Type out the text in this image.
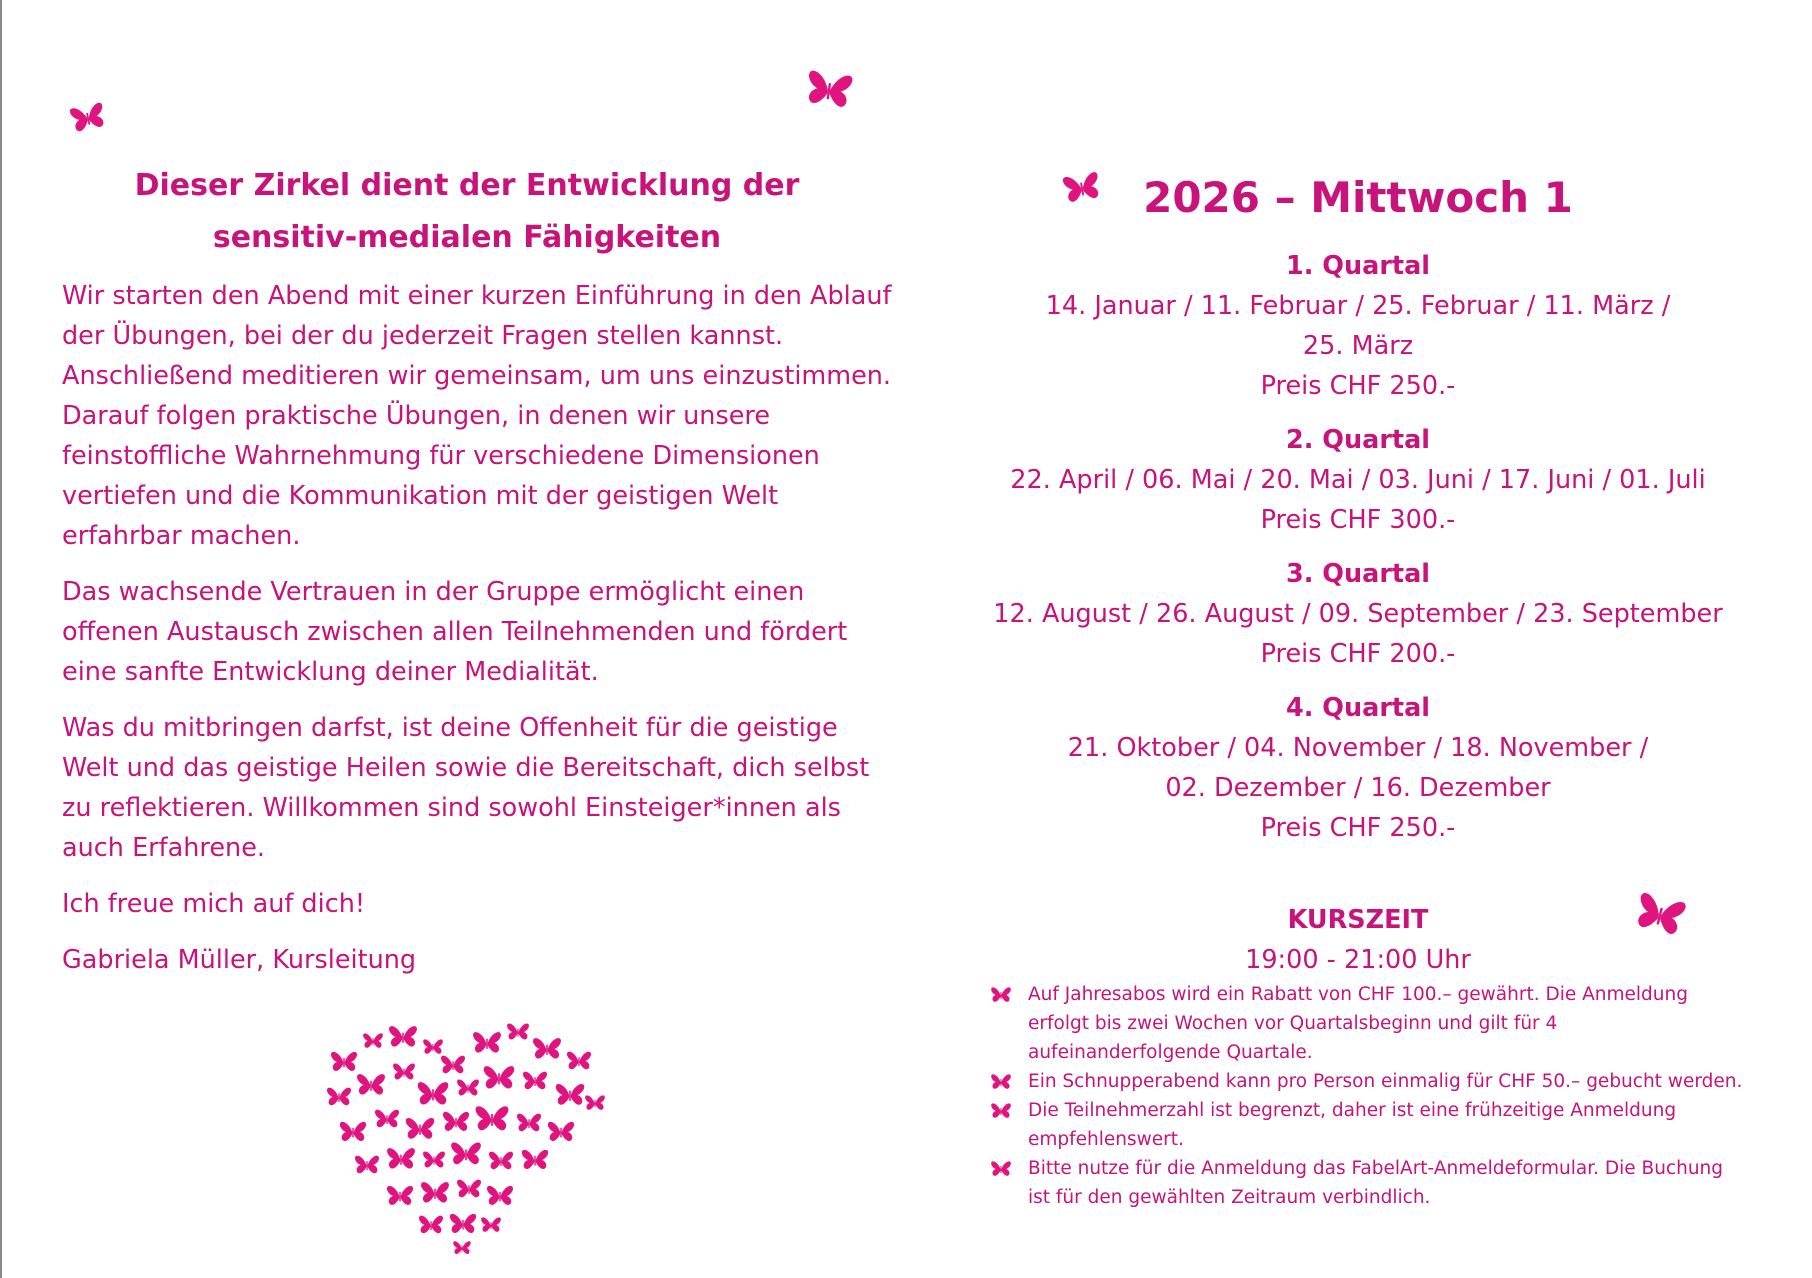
Dieser Zirkel dient der Entwicklung der
sensitiv-medialen Fähigkeiten

Wir starten den Abend mit einer kurzen Einführung in den Ablauf der Übungen, bei der du jederzeit Fragen stellen kannst. Anschließend meditieren wir gemeinsam, um uns einzustimmen. Darauf folgen praktische Übungen, in denen wir unsere feinstoffliche Wahrnehmung für verschiedene Dimensionen vertiefen und die Kommunikation mit der geistigen Welt erfahrbar machen.

Das wachsende Vertrauen in der Gruppe ermöglicht einen offenen Austausch zwischen allen Teilnehmenden und fördert eine sanfte Entwicklung deiner Medialität.

Was du mitbringen darfst, ist deine Offenheit für die geistige Welt und das geistige Heilen sowie die Bereitschaft, dich selbst zu reflektieren. Willkommen sind sowohl Einsteiger*innen als auch Erfahrene.

Ich freue mich auf dich!

Gabriela Müller, Kursleitung

2026 – Mittwoch 1
1. Quartal
14. Januar / 11. Februar / 25. Februar / 11. März /
25. März
Preis CHF 250.-
2. Quartal
22. April / 06. Mai / 20. Mai / 03. Juni / 17. Juni / 01. Juli
Preis CHF 300.-
3. Quartal
12. August / 26. August / 09. September / 23. September
Preis CHF 200.-
4. Quartal
21. Oktober / 04. November / 18. November /
02. Dezember / 16. Dezember
Preis CHF 250.-
KURSZEIT
19:00 - 21:00 Uhr
Auf Jahresabos wird ein Rabatt von CHF 100.– gewährt. Die Anmeldung erfolgt bis zwei Wochen vor Quartalsbeginn und gilt für 4 aufeinanderfolgende Quartale.
Ein Schnupperabend kann pro Person einmalig für CHF 50.– gebucht werden.
Die Teilnehmerzahl ist begrenzt, daher ist eine frühzeitige Anmeldung empfehlenswert.
Bitte nutze für die Anmeldung das FabelArt-Anmeldeformular. Die Buchung ist für den gewählten Zeitraum verbindlich.
